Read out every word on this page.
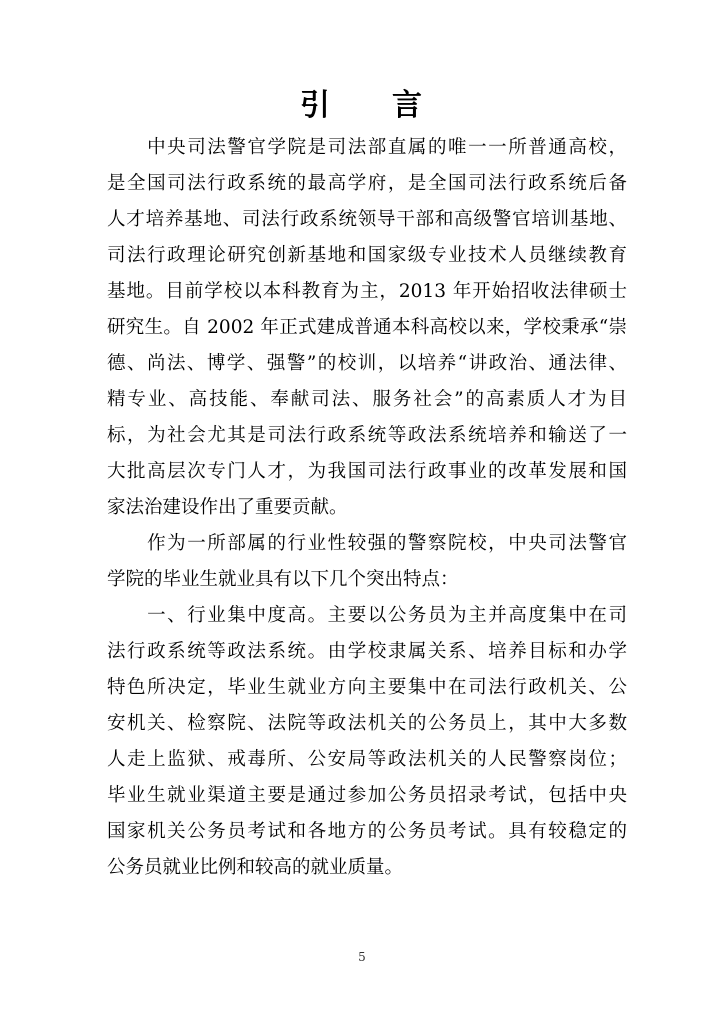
引 言
　　中央司法警官学院是司法部直属的唯一一所普通高校，
是全国司法行政系统的最高学府，是全国司法行政系统后备
人才培养基地、司法行政系统领导干部和高级警官培训基地、
司法行政理论研究创新基地和国家级专业技术人员继续教育
基地。目前学校以本科教育为主，2013 年开始招收法律硕士
研究生。自 2002 年正式建成普通本科高校以来，学校秉承“崇
德、尚法、博学、强警”的校训，以培养“讲政治、通法律、
精专业、高技能、奉献司法、服务社会”的高素质人才为目
标，为社会尤其是司法行政系统等政法系统培养和输送了一
大批高层次专门人才，为我国司法行政事业的改革发展和国
家法治建设作出了重要贡献。
　　作为一所部属的行业性较强的警察院校，中央司法警官
学院的毕业生就业具有以下几个突出特点：
　　一、行业集中度高。主要以公务员为主并高度集中在司
法行政系统等政法系统。由学校隶属关系、培养目标和办学
特色所决定，毕业生就业方向主要集中在司法行政机关、公
安机关、检察院、法院等政法机关的公务员上，其中大多数
人走上监狱、戒毒所、公安局等政法机关的人民警察岗位；
毕业生就业渠道主要是通过参加公务员招录考试，包括中央
国家机关公务员考试和各地方的公务员考试。具有较稳定的
公务员就业比例和较高的就业质量。
5
